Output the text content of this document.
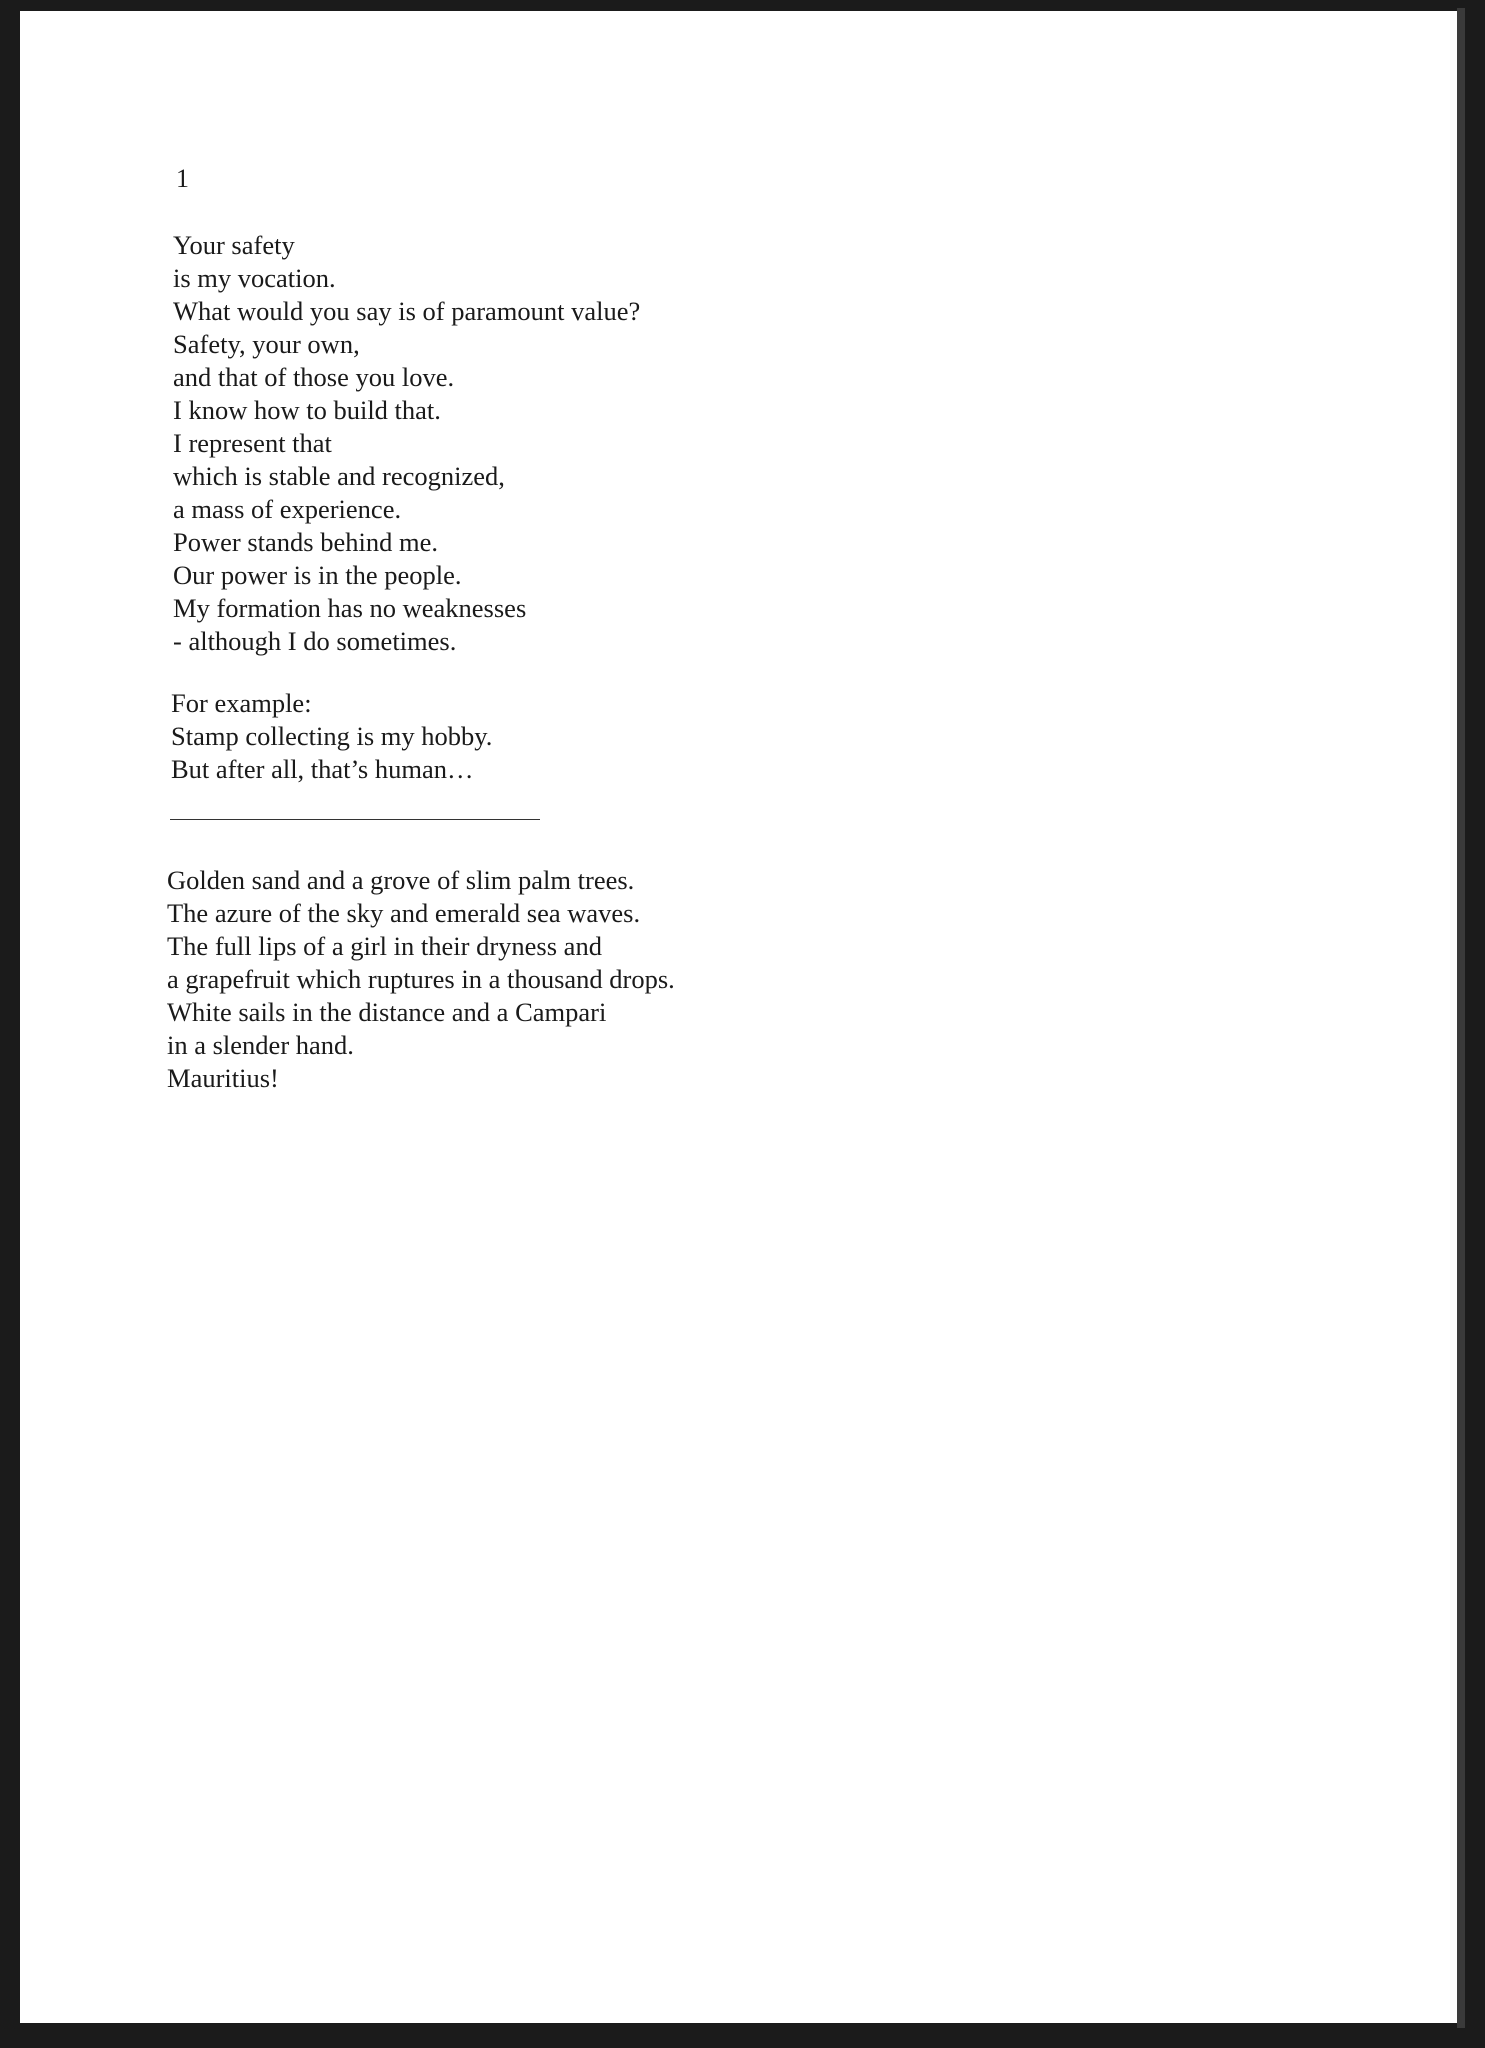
1
Your safety
is my vocation.
What would you say is of paramount value?
Safety, your own,
and that of those you love.
I know how to build that.
I represent that
which is stable and recognized,
a mass of experience.
Power stands behind me.
Our power is in the people.
My formation has no weaknesses
- although I do sometimes.
For example:
Stamp collecting is my hobby.
But after all, that’s human…
Golden sand and a grove of slim palm trees.
The azure of the sky and emerald sea waves.
The full lips of a girl in their dryness and
a grapefruit which ruptures in a thousand drops.
White sails in the distance and a Campari
in a slender hand.
Mauritius!
